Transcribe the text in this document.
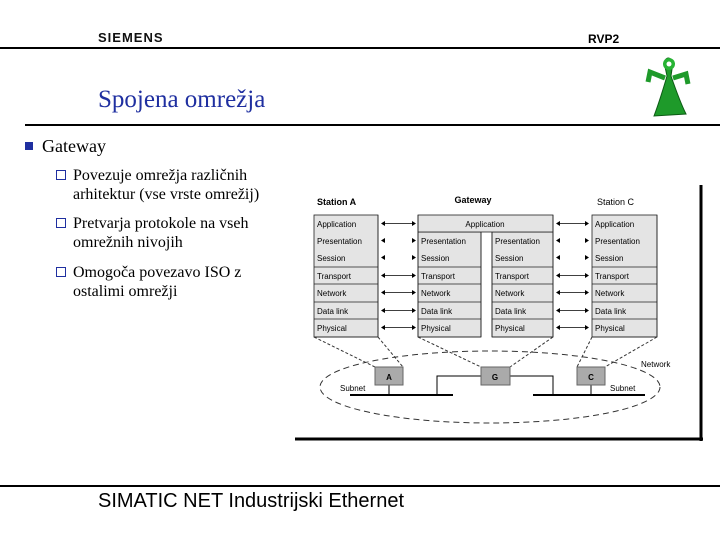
SIEMENS	RVP2
Spojena omrežja
Gateway
Povezuje omrežja različnih arhitektur (vse vrste omrežij)
Pretvarja protokole na vseh omrežnih nivojih
Omogoča povezavo ISO z ostalimi omrežji
Application
Presentation
Session
Transport
Network
Data link
Physical
Presentation
Session
Transport
Network
Data link
Physical
Presentation
Session
Transport
Network
Data link
Physical
Application
Presentation
Session
Transport
Network
Data link
Physical
Application
Station A	Gateway	Station C
A	G	C
Subnet	Subnet
Network
SIMATIC NET Industrijski Ethernet
